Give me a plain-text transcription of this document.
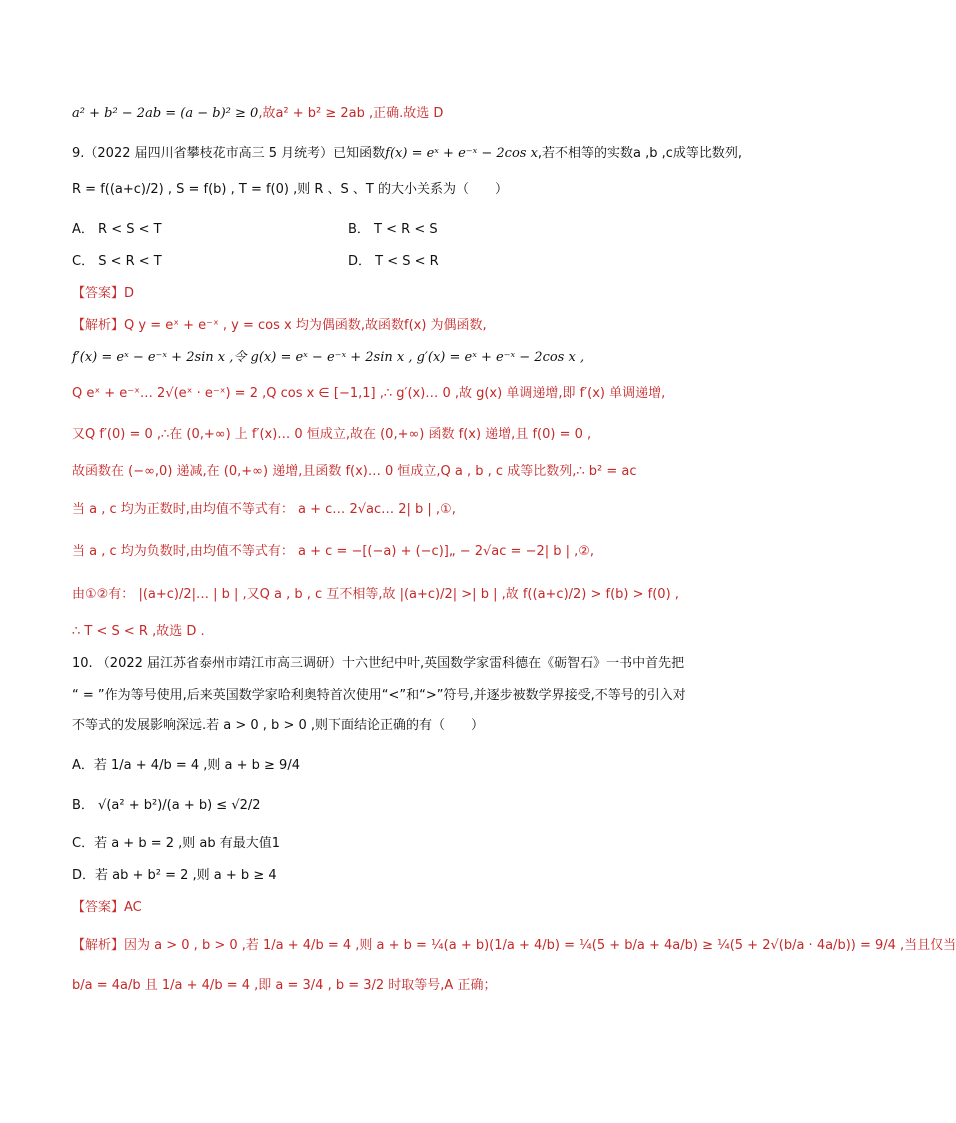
a² + b² − 2ab = (a − b)² ≥ 0,故a² + b² ≥ 2ab ,正确.故选 D
9.（2022 届四川省攀枝花市高三 5 月统考）已知函数f(x) = eˣ + e⁻ˣ − 2cos x,若不相等的实数a ,b ,c成等比数列,
R = f((a+c)/2) , S = f(b) , T = f(0) ,则 R 、S 、T 的大小关系为（　　）
A． R < S < T	B． T < R < S
C． S < R < T	D． T < S < R
【答案】D
【解析】Q y = eˣ + e⁻ˣ , y = cos x 均为偶函数,故函数f(x) 为偶函数,
f′(x) = eˣ − e⁻ˣ + 2sin x ,令 g(x) = eˣ − e⁻ˣ + 2sin x , g′(x) = eˣ + e⁻ˣ − 2cos x ,
Q eˣ + e⁻ˣ… 2√(eˣ · e⁻ˣ) = 2 ,Q cos x ∈ [−1,1] ,∴ g′(x)… 0 ,故 g(x) 单调递增,即 f′(x) 单调递增,
又Q f′(0) = 0 ,∴在 (0,+∞) 上 f′(x)… 0 恒成立,故在 (0,+∞) 函数 f(x) 递增,且 f(0) = 0 ,
故函数在 (−∞,0) 递减,在 (0,+∞) 递增,且函数 f(x)… 0 恒成立,Q a , b , c 成等比数列,∴ b² = ac
当 a , c 均为正数时,由均值不等式有： a + c… 2√ac… 2| b | ,①,
当 a , c 均为负数时,由均值不等式有： a + c = −[(−a) + (−c)]„ − 2√ac = −2| b | ,②,
由①②有： |(a+c)/2|… | b | ,又Q a , b , c 互不相等,故 |(a+c)/2| >| b | ,故 f((a+c)/2) > f(b) > f(0) ,
∴ T < S < R ,故选 D .
10. （2022 届江苏省泰州市靖江市高三调研）十六世纪中叶,英国数学家雷科德在《砺智石》一书中首先把
“ = ”作为等号使用,后来英国数学家哈利奥特首次使用“<”和“>”符号,并逐步被数学界接受,不等号的引入对
不等式的发展影响深远.若 a > 0 , b > 0 ,则下面结论正确的有（　　）
A．若 1/a + 4/b = 4 ,则 a + b ≥ 9/4
B． √(a² + b²)/(a + b) ≤ √2/2
C．若 a + b = 2 ,则 ab 有最大值1
D．若 ab + b² = 2 ,则 a + b ≥ 4
【答案】AC
【解析】因为 a > 0 , b > 0 ,若 1/a + 4/b = 4 ,则 a + b = ¼(a + b)(1/a + 4/b) = ¼(5 + b/a + 4a/b) ≥ ¼(5 + 2√(b/a · 4a/b)) = 9/4 ,当且仅当
b/a = 4a/b 且 1/a + 4/b = 4 ,即 a = 3/4 , b = 3/2 时取等号,A 正确；
